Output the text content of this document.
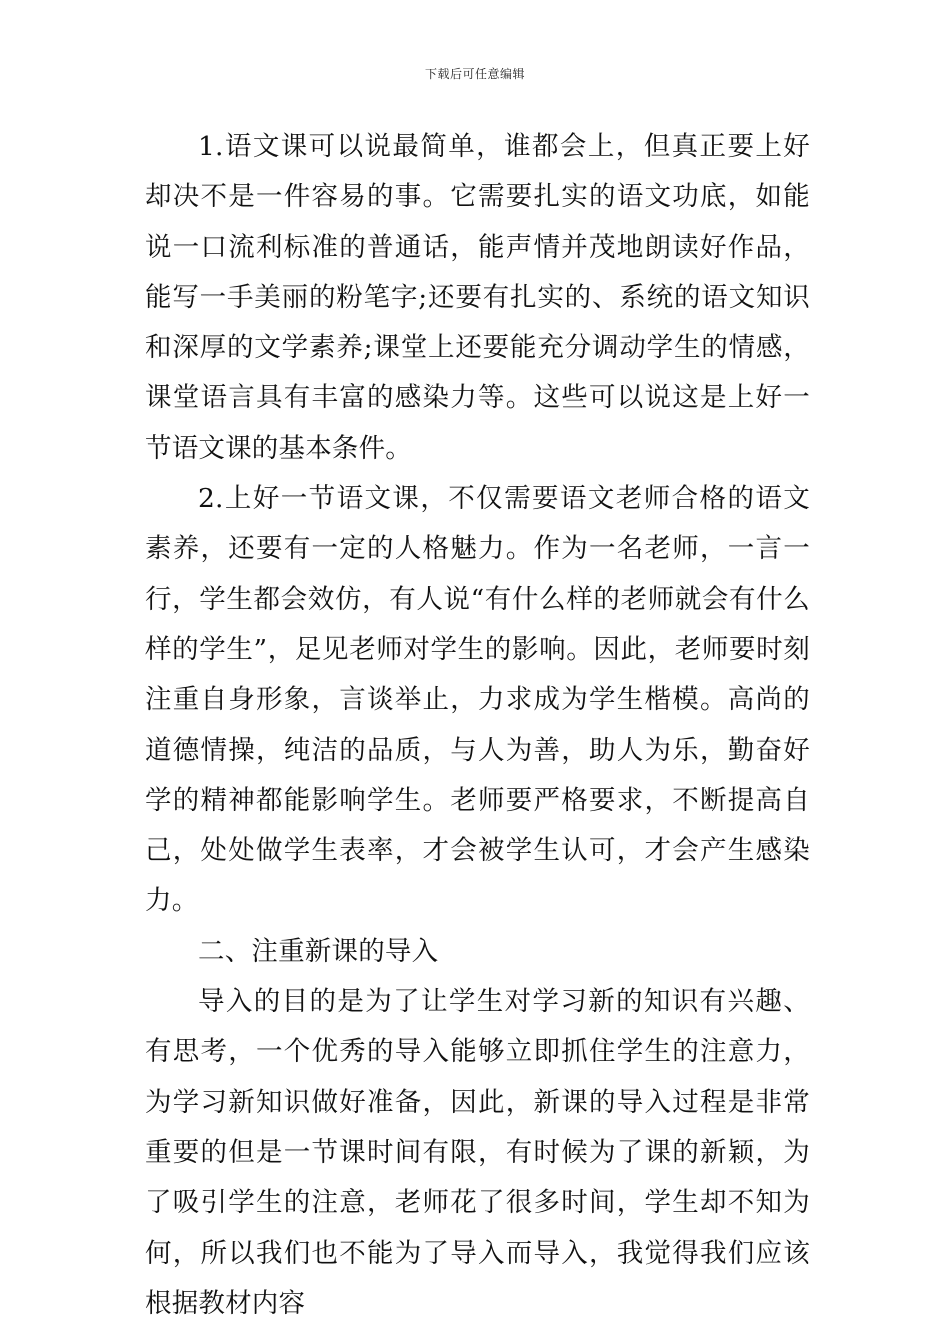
下载后可任意编辑

1.语文课可以说最简单，谁都会上，但真正要上好却决不是一件容易的事。它需要扎实的语文功底，如能说一口流利标准的普通话，能声情并茂地朗读好作品，能写一手美丽的粉笔字;还要有扎实的、系统的语文知识和深厚的文学素养;课堂上还要能充分调动学生的情感，课堂语言具有丰富的感染力等。这些可以说这是上好一节语文课的基本条件。

2.上好一节语文课，不仅需要语文老师合格的语文素养，还要有一定的人格魅力。作为一名老师，一言一行，学生都会效仿，有人说“有什么样的老师就会有什么样的学生”，足见老师对学生的影响。因此，老师要时刻注重自身形象，言谈举止，力求成为学生楷模。高尚的道德情操，纯洁的品质，与人为善，助人为乐，勤奋好学的精神都能影响学生。老师要严格要求，不断提高自己，处处做学生表率，才会被学生认可，才会产生感染力。

二、注重新课的导入

导入的目的是为了让学生对学习新的知识有兴趣、有思考，一个优秀的导入能够立即抓住学生的注意力，为学习新知识做好准备，因此，新课的导入过程是非常重要的但是一节课时间有限，有时候为了课的新颖，为了吸引学生的注意，老师花了很多时间，学生却不知为何，所以我们也不能为了导入而导入，我觉得我们应该根据教材内容
